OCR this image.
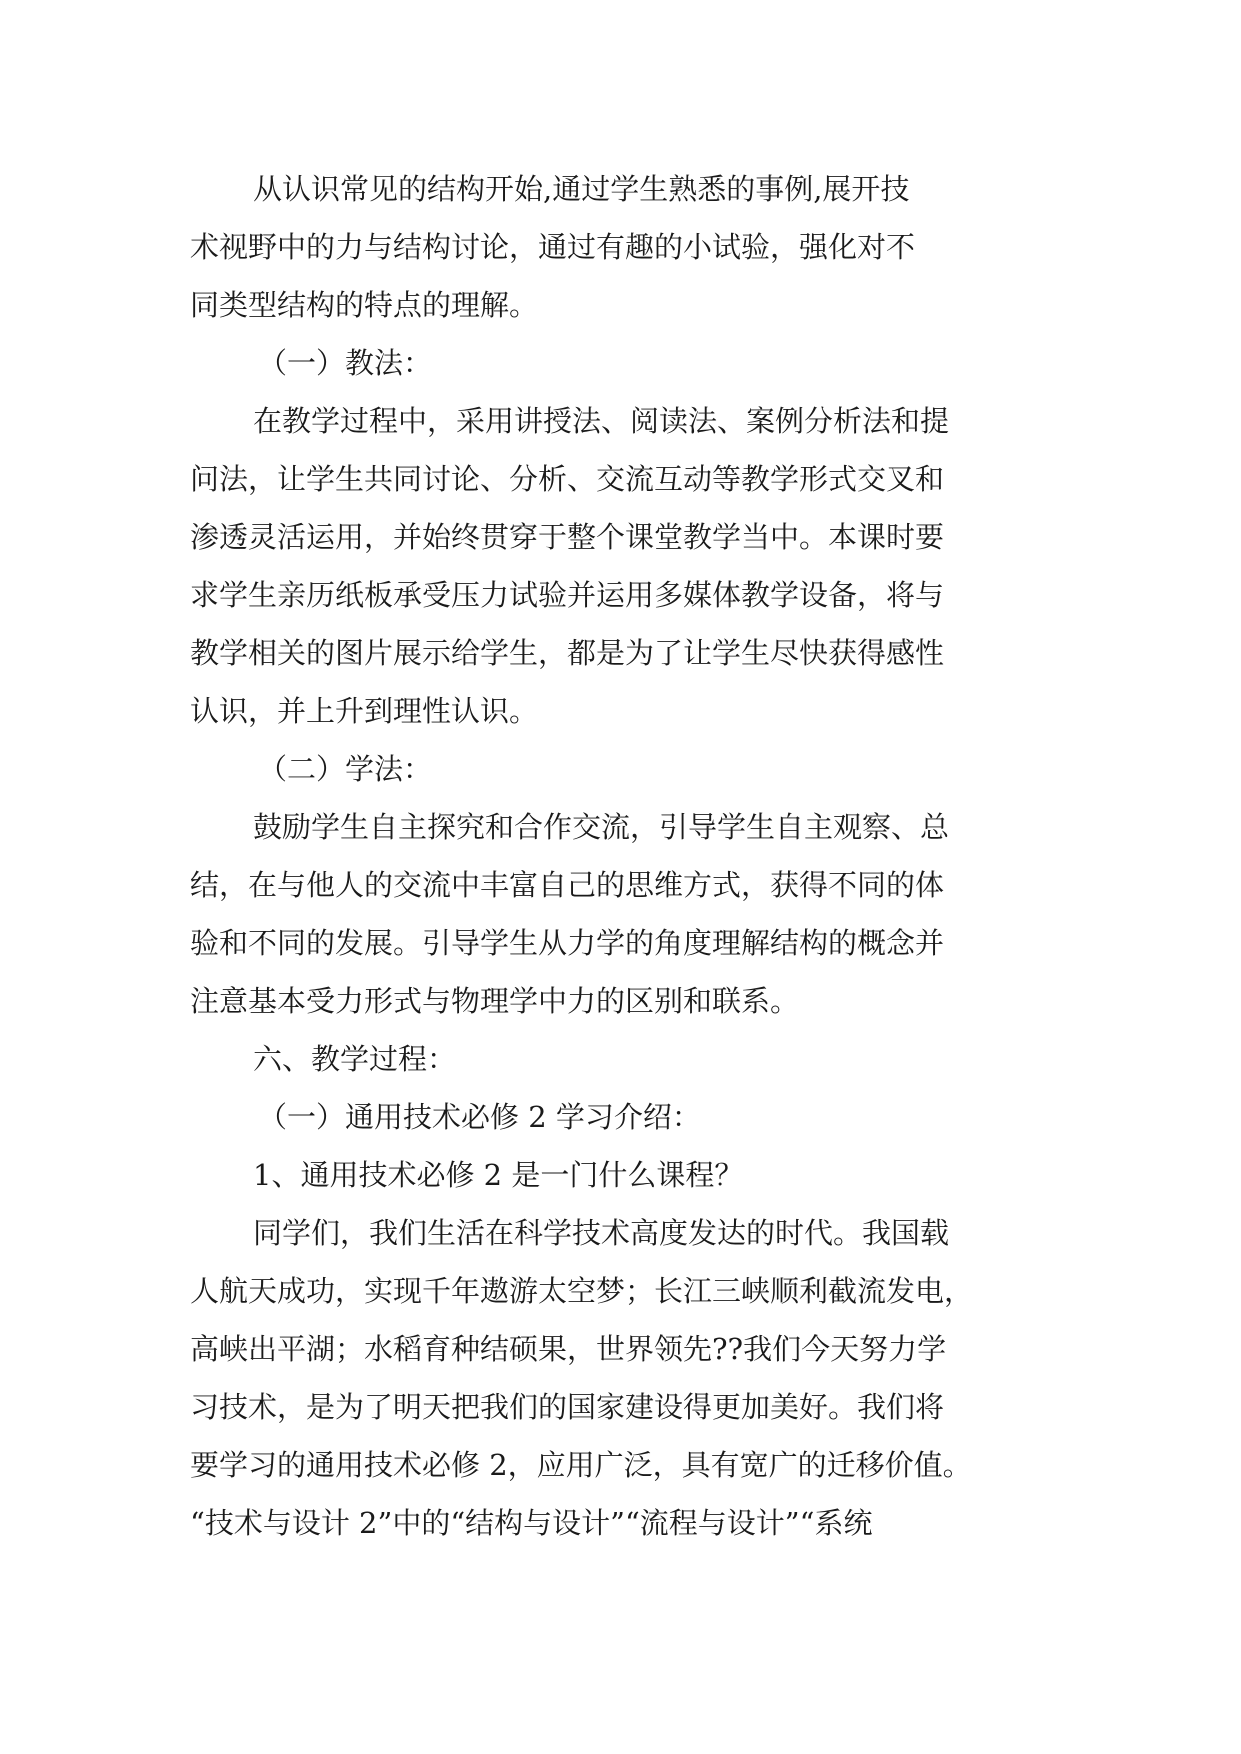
从认识常见的结构开始,通过学生熟悉的事例,展开技
术视野中的力与结构讨论，通过有趣的小试验，强化对不
同类型结构的特点的理解。
（一）教法：
在教学过程中，采用讲授法、阅读法、案例分析法和提
问法，让学生共同讨论、分析、交流互动等教学形式交叉和
渗透灵活运用，并始终贯穿于整个课堂教学当中。本课时要
求学生亲历纸板承受压力试验并运用多媒体教学设备，将与
教学相关的图片展示给学生，都是为了让学生尽快获得感性
认识，并上升到理性认识。
（二）学法：
鼓励学生自主探究和合作交流，引导学生自主观察、总
结，在与他人的交流中丰富自己的思维方式，获得不同的体
验和不同的发展。引导学生从力学的角度理解结构的概念并
注意基本受力形式与物理学中力的区别和联系。
六、教学过程：
（一）通用技术必修 2 学习介绍：
1、通用技术必修 2 是一门什么课程？
同学们，我们生活在科学技术高度发达的时代。我国载
人航天成功，实现千年遨游太空梦；长江三峡顺利截流发电，
高峡出平湖；水稻育种结硕果，世界领先??我们今天努力学
习技术，是为了明天把我们的国家建设得更加美好。我们将
要学习的通用技术必修 2，应用广泛，具有宽广的迁移价值。
“技术与设计 2”中的“结构与设计”“流程与设计”“系统
